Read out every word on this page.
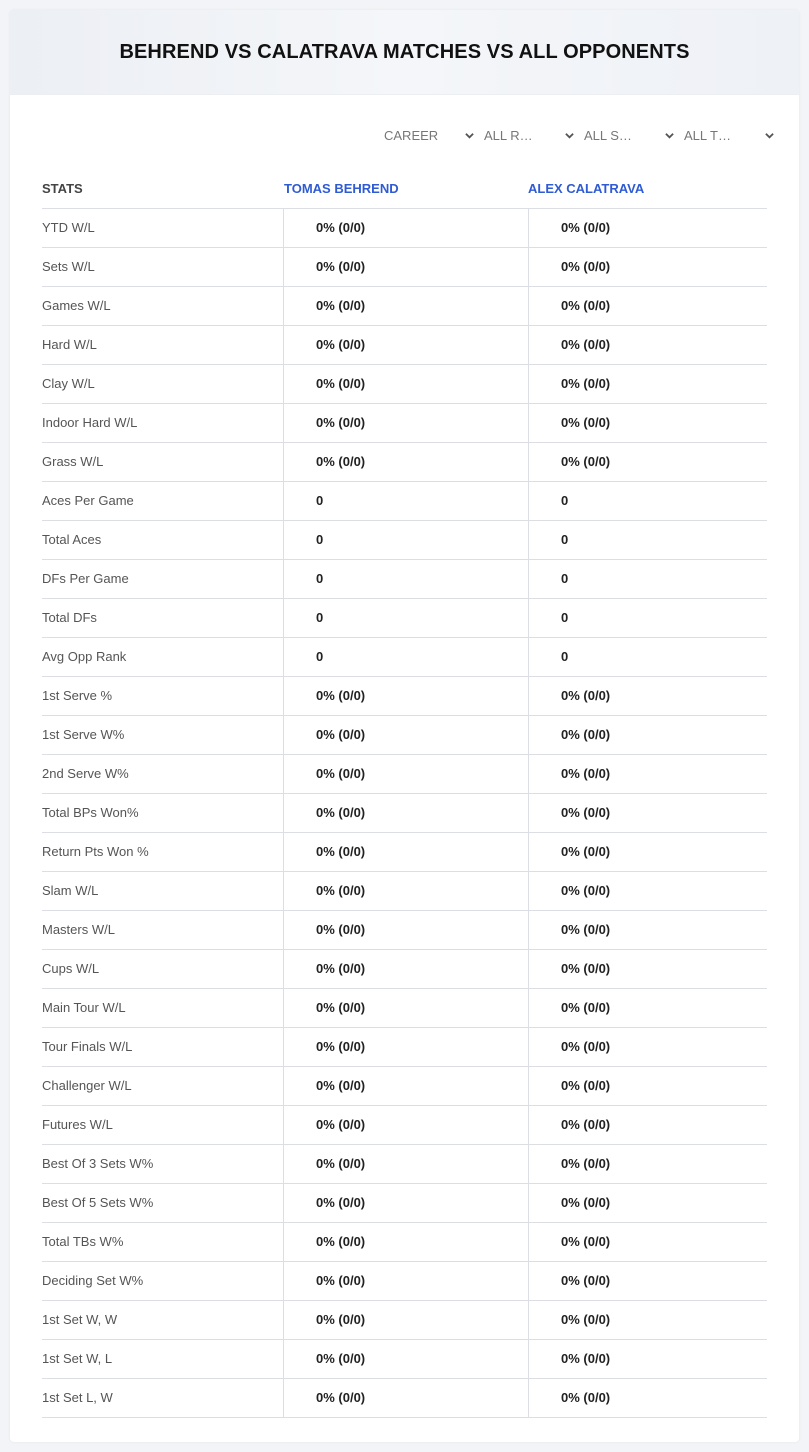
BEHREND VS CALATRAVA MATCHES VS ALL OPPONENTS
CAREER	ALL R…	ALL S…	ALL T…
STATS	TOMAS BEHREND	ALEX CALATRAVA
YTD W/L	0% (0/0)	0% (0/0)
Sets W/L	0% (0/0)	0% (0/0)
Games W/L	0% (0/0)	0% (0/0)
Hard W/L	0% (0/0)	0% (0/0)
Clay W/L	0% (0/0)	0% (0/0)
Indoor Hard W/L	0% (0/0)	0% (0/0)
Grass W/L	0% (0/0)	0% (0/0)
Aces Per Game	0	0
Total Aces	0	0
DFs Per Game	0	0
Total DFs	0	0
Avg Opp Rank	0	0
1st Serve %	0% (0/0)	0% (0/0)
1st Serve W%	0% (0/0)	0% (0/0)
2nd Serve W%	0% (0/0)	0% (0/0)
Total BPs Won%	0% (0/0)	0% (0/0)
Return Pts Won %	0% (0/0)	0% (0/0)
Slam W/L	0% (0/0)	0% (0/0)
Masters W/L	0% (0/0)	0% (0/0)
Cups W/L	0% (0/0)	0% (0/0)
Main Tour W/L	0% (0/0)	0% (0/0)
Tour Finals W/L	0% (0/0)	0% (0/0)
Challenger W/L	0% (0/0)	0% (0/0)
Futures W/L	0% (0/0)	0% (0/0)
Best Of 3 Sets W%	0% (0/0)	0% (0/0)
Best Of 5 Sets W%	0% (0/0)	0% (0/0)
Total TBs W%	0% (0/0)	0% (0/0)
Deciding Set W%	0% (0/0)	0% (0/0)
1st Set W, W	0% (0/0)	0% (0/0)
1st Set W, L	0% (0/0)	0% (0/0)
1st Set L, W	0% (0/0)	0% (0/0)
